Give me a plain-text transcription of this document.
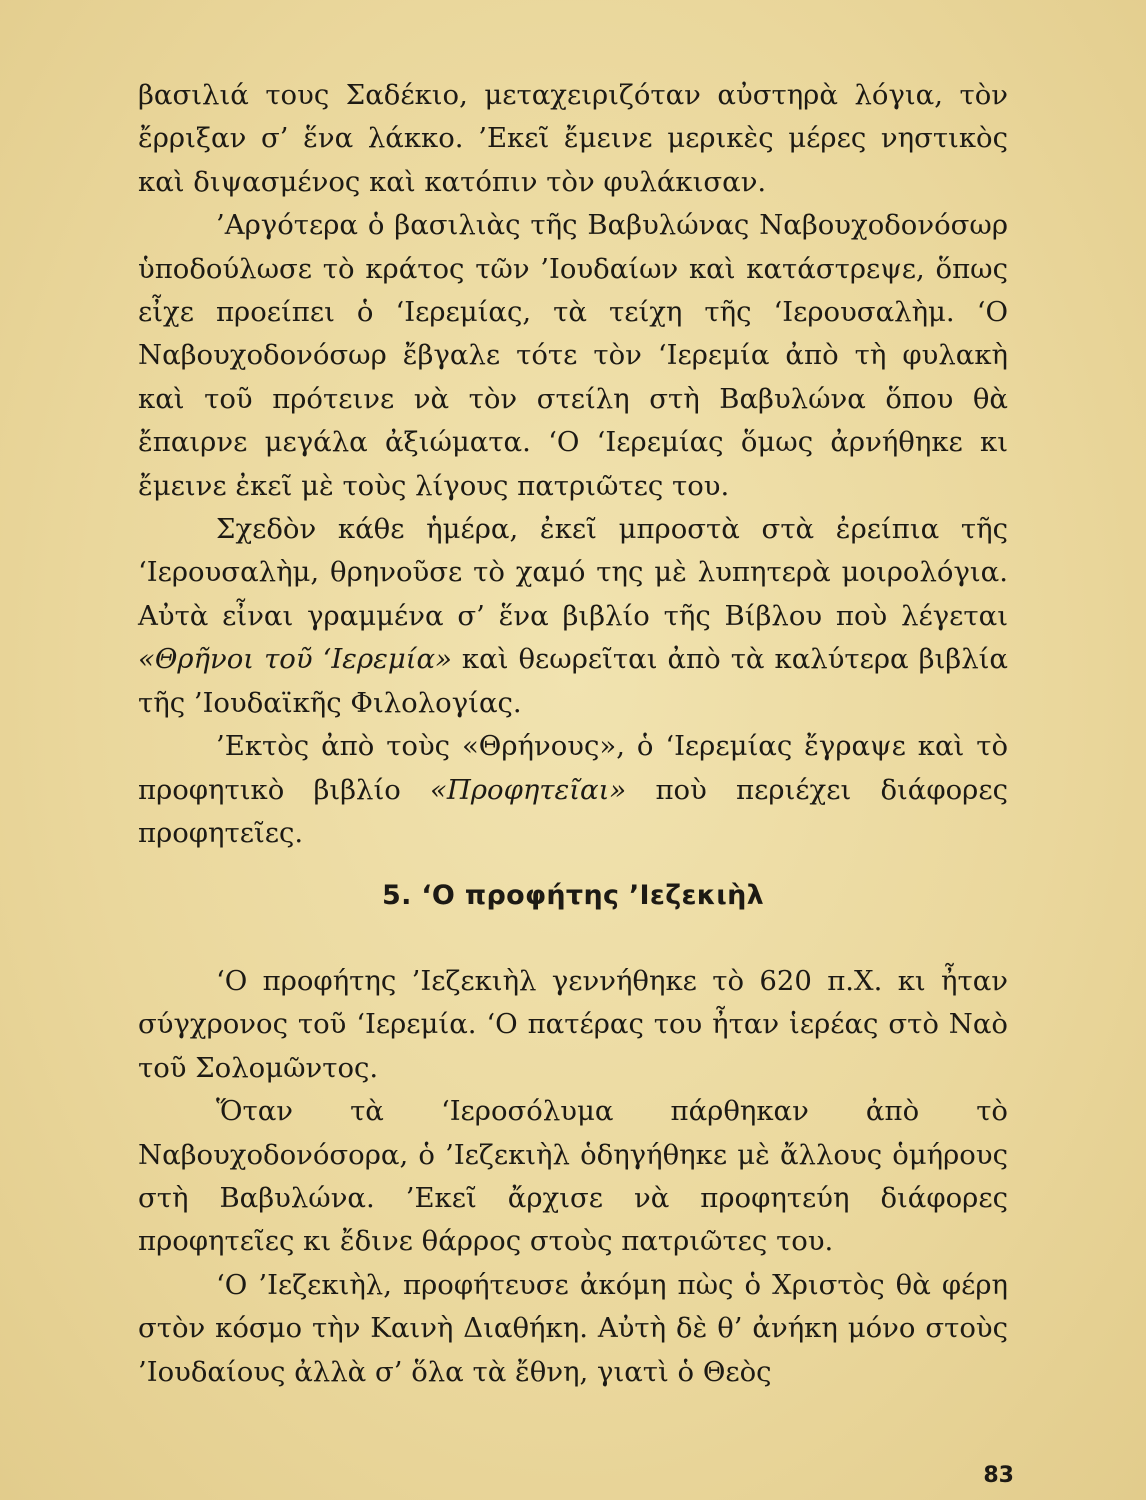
βασιλιά τους Σαδέκιο, μεταχειριζόταν αὐστηρὰ λόγια, τὸν ἔρριξαν σ’ ἕνα λάκκο. ’Εκεῖ ἔμεινε μερικὲς μέρες νηστικὸς καὶ διψασμένος καὶ κατόπιν τὸν φυλάκισαν.

’Αργότερα ὁ βασιλιὰς τῆς Βαβυλώνας Ναβουχοδονόσωρ ὑποδούλωσε τὸ κράτος τῶν ’Ιουδαίων καὶ κατάστρεψε, ὅπως εἶχε προείπει ὁ ‘Ιερεμίας, τὰ τείχη τῆς ‘Ιερουσαλὴμ. ‘Ο Ναβουχοδονόσωρ ἔβγαλε τότε τὸν ‘Ιερεμία ἀπὸ τὴ φυλακὴ καὶ τοῦ πρότεινε νὰ τὸν στείλη στὴ Βαβυλώνα ὅπου θὰ ἔπαιρνε μεγάλα ἀξιώματα. ‘Ο ‘Ιερεμίας ὅμως ἀρνήθηκε κι ἔμεινε ἐκεῖ μὲ τοὺς λίγους πατριῶτες του.

Σχεδὸν κάθε ἡμέρα, ἐκεῖ μπροστὰ στὰ ἐρείπια τῆς ‘Ιερουσαλὴμ, θρηνοῦσε τὸ χαμό της μὲ λυπητερὰ μοιρολόγια. Αὐτὰ εἶναι γραμμένα σ’ ἕνα βιβλίο τῆς Βίβλου ποὺ λέγεται «Θρῆνοι τοῦ ‘Ιερεμία» καὶ θεωρεῖται ἀπὸ τὰ καλύτερα βιβλία τῆς ’Ιουδαϊκῆς Φιλολογίας.

’Εκτὸς ἀπὸ τοὺς «Θρήνους», ὁ ‘Ιερεμίας ἔγραψε καὶ τὸ προφητικὸ βιβλίο «Προφητεῖαι» ποὺ περιέχει διάφορες προφητεῖες.

5. ‘Ο προφήτης ’Ιεζεκιὴλ

‘Ο προφήτης ’Ιεζεκιὴλ γεννήθηκε τὸ 620 π.Χ. κι ἦταν σύγχρονος τοῦ ‘Ιερεμία. ‘Ο πατέρας του ἦταν ἱερέας στὸ Ναὸ τοῦ Σολομῶντος.

Ὅταν τὰ ‘Ιεροσόλυμα πάρθηκαν ἀπὸ τὸ Ναβουχοδονόσορα, ὁ ’Ιεζεκιὴλ ὁδηγήθηκε μὲ ἄλλους ὁμήρους στὴ Βαβυλώνα. ’Εκεῖ ἄρχισε νὰ προφητεύη διάφορες προφητεῖες κι ἔδινε θάρρος στοὺς πατριῶτες του.

‘Ο ’Ιεζεκιὴλ, προφήτευσε ἀκόμη πὼς ὁ Χριστὸς θὰ φέρη στὸν κόσμο τὴν Καινὴ Διαθήκη. Αὐτὴ δὲ θ’ ἀνήκη μόνο στοὺς ’Ιουδαίους ἀλλὰ σ’ ὅλα τὰ ἔθνη, γιατὶ ὁ Θεὸς

83
